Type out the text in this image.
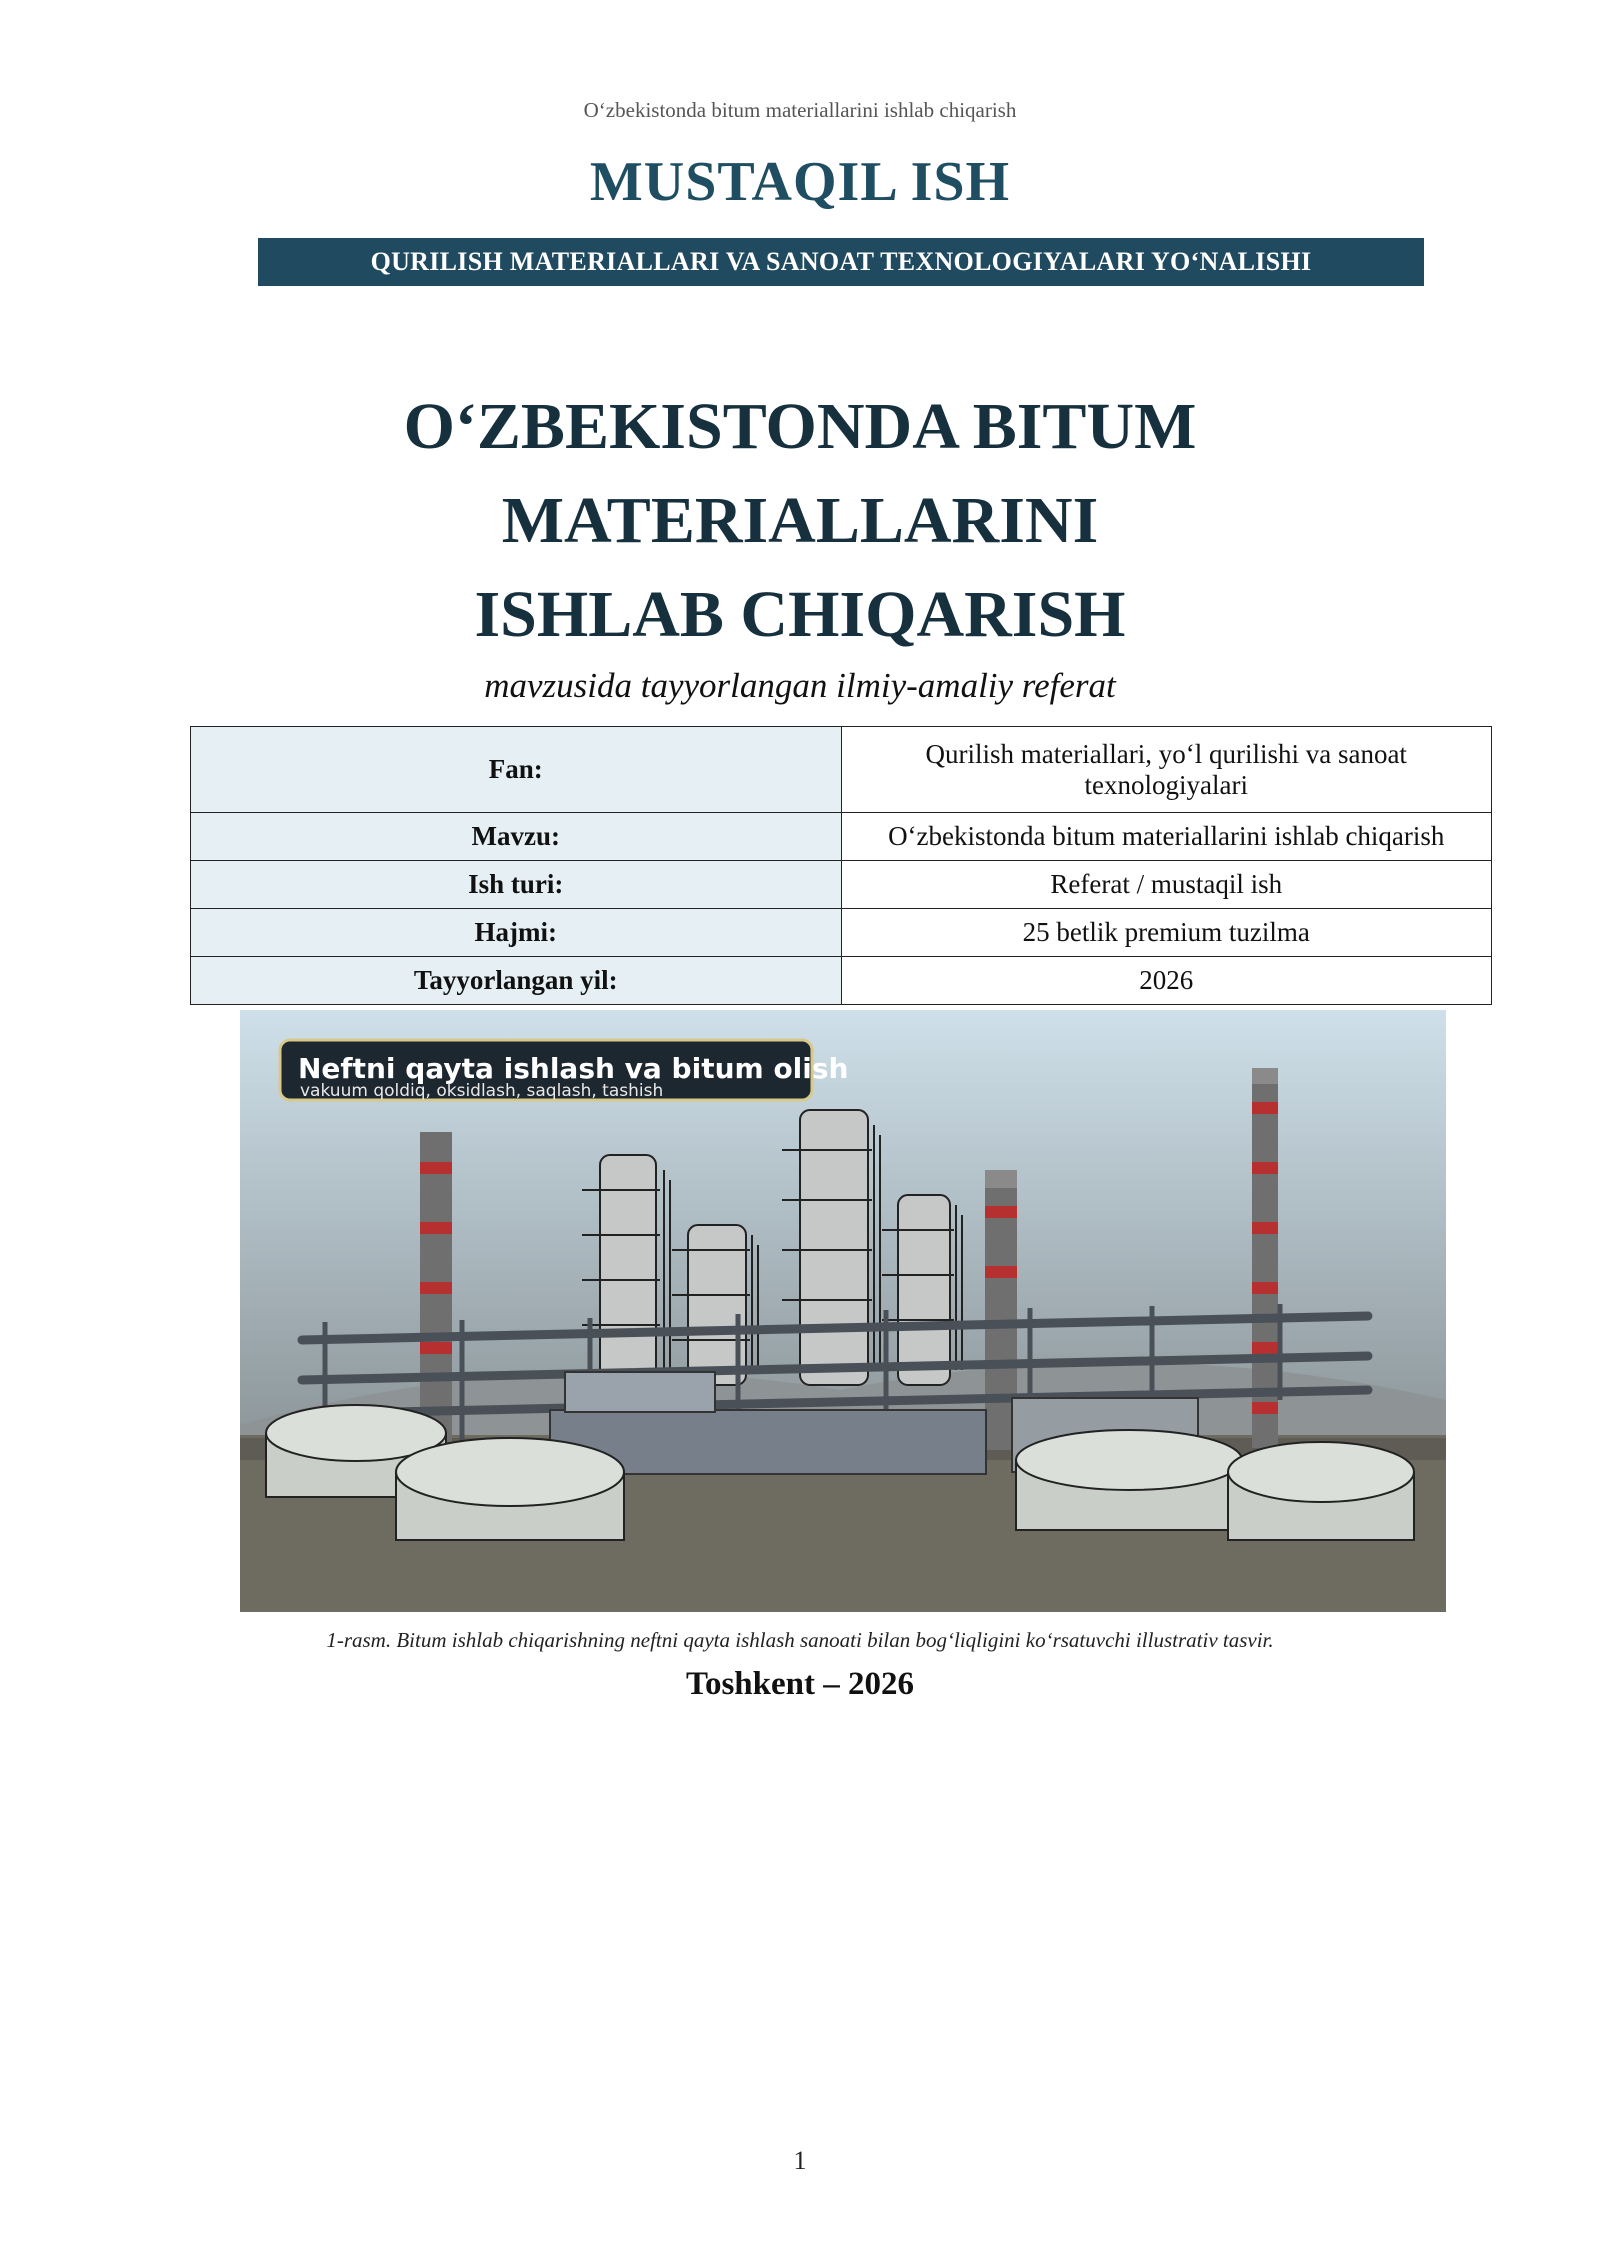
O‘zbekistonda bitum materiallarini ishlab chiqarish
MUSTAQIL ISH
QURILISH MATERIALLARI VA SANOAT TEXNOLOGIYALARI YO‘NALISHI
O‘ZBEKISTONDA BITUM
MATERIALLARINI
ISHLAB CHIQARISH
mavzusida tayyorlangan ilmiy-amaliy referat
Fan:	Qurilish materiallari, yo‘l qurilishi va sanoat texnologiyalari
Mavzu:	O‘zbekistonda bitum materiallarini ishlab chiqarish
Ish turi:	Referat / mustaqil ish
Hajmi:	25 betlik premium tuzilma
Tayyorlangan yil:	2026
Neftni qayta ishlash va bitum olish
vakuum qoldiq, oksidlash, saqlash, tashish
1-rasm. Bitum ishlab chiqarishning neftni qayta ishlash sanoati bilan bog‘liqligini ko‘rsatuvchi illustrativ tasvir.
Toshkent – 2026
1
